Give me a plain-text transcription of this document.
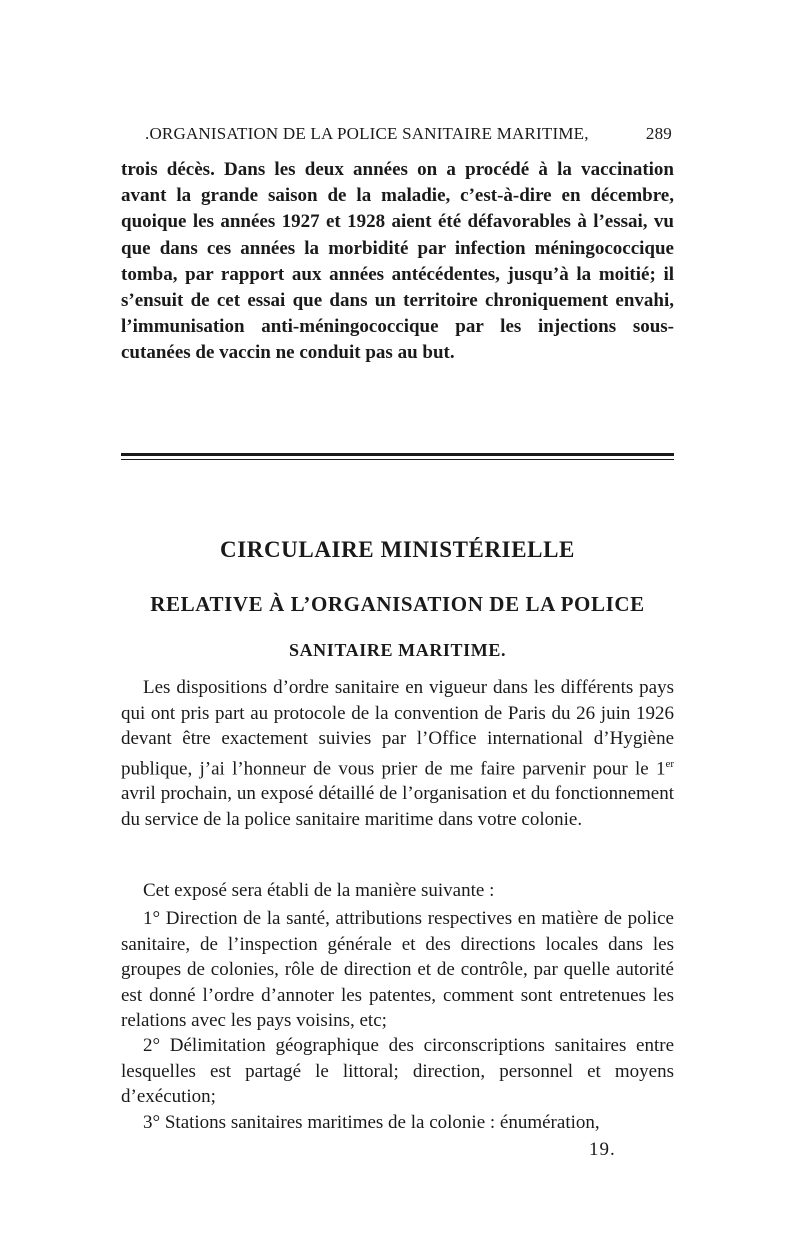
.ORGANISATION DE LA POLICE SANITAIRE MARITIME,	289

trois décès. Dans les deux années on a procédé à la vaccination avant la grande saison de la maladie, c’est-à-dire en décembre, quoique les années 1927 et 1928 aient été défavorables à l’essai, vu que dans ces années la morbidité par infection méningococcique tomba, par rapport aux années antécédentes, jusqu’à la moitié; il s’ensuit de cet essai que dans un territoire chroniquement envahi, l’immunisation anti-méningococcique par les injections sous-cutanées de vaccin ne conduit pas au but.

CIRCULAIRE MINISTÉRIELLE
RELATIVE À L’ORGANISATION DE LA POLICE
SANITAIRE MARITIME.

Les dispositions d’ordre sanitaire en vigueur dans les différents pays qui ont pris part au protocole de la convention de Paris du 26 juin 1926 devant être exactement suivies par l’Office international d’Hygiène publique, j’ai l’honneur de vous prier de me faire parvenir pour le 1er avril prochain, un exposé détaillé de l’organisation et du fonctionnement du service de la police sanitaire maritime dans votre colonie.

Cet exposé sera établi de la manière suivante :

1° Direction de la santé, attributions respectives en matière de police sanitaire, de l’inspection générale et des directions locales dans les groupes de colonies, rôle de direction et de contrôle, par quelle autorité est donné l’ordre d’annoter les patentes, comment sont entretenues les relations avec les pays voisins, etc;

2° Délimitation géographique des circonscriptions sanitaires entre lesquelles est partagé le littoral; direction, personnel et moyens d’exécution;

3° Stations sanitaires maritimes de la colonie : énumération,

19.
